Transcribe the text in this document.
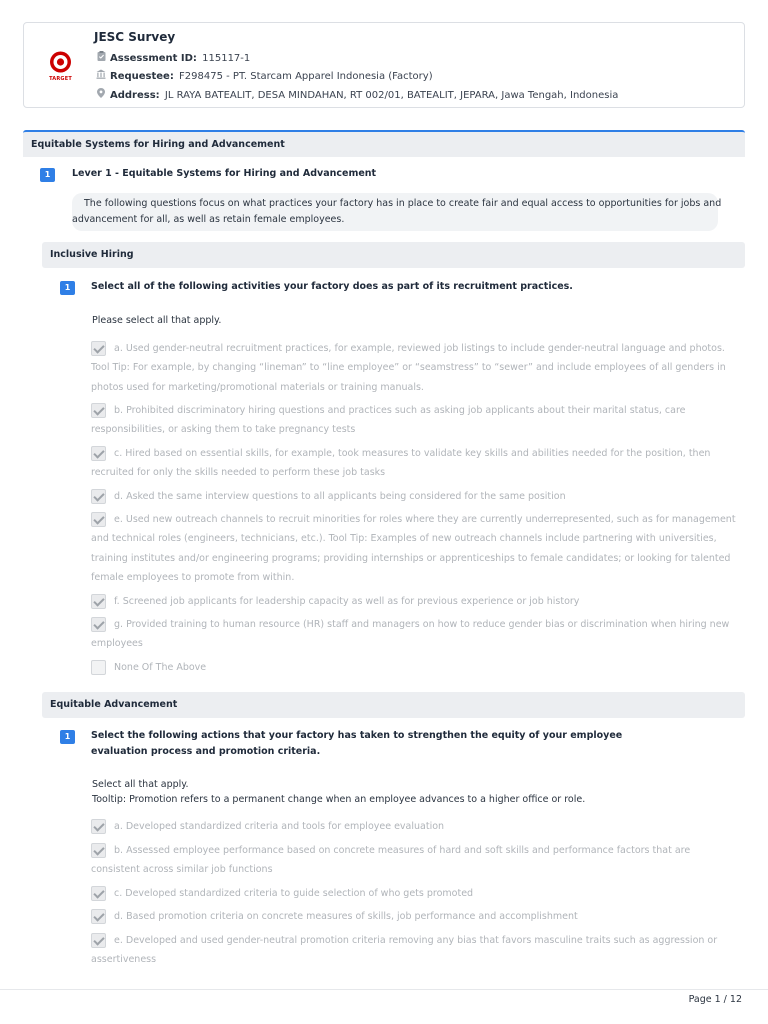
TARGET
JESC Survey
Assessment ID: 115117-1
Requestee: F298475 - PT. Starcam Apparel Indonesia (Factory)
Address: JL RAYA BATEALIT, DESA MINDAHAN, RT 002/01, BATEALIT, JEPARA, Jawa Tengah, Indonesia
Equitable Systems for Hiring and Advancement
1	Lever 1 - Equitable Systems for Hiring and Advancement
The following questions focus on what practices your factory has in place to create fair and equal access to opportunities for jobs and advancement for all, as well as retain female employees.
Inclusive Hiring
1	Select all of the following activities your factory does as part of its recruitment practices.
Please select all that apply.
a. Used gender-neutral recruitment practices, for example, reviewed job listings to include gender-neutral language and photos. Tool Tip: For example, by changing “lineman” to “line employee” or “seamstress” to “sewer” and include employees of all genders in photos used for marketing/promotional materials or training manuals.
b. Prohibited discriminatory hiring questions and practices such as asking job applicants about their marital status, care responsibilities, or asking them to take pregnancy tests
c. Hired based on essential skills, for example, took measures to validate key skills and abilities needed for the position, then recruited for only the skills needed to perform these job tasks
d. Asked the same interview questions to all applicants being considered for the same position
e. Used new outreach channels to recruit minorities for roles where they are currently underrepresented, such as for management and technical roles (engineers, technicians, etc.). Tool Tip: Examples of new outreach channels include partnering with universities, training institutes and/or engineering programs; providing internships or apprenticeships to female candidates; or looking for talented female employees to promote from within.
f. Screened job applicants for leadership capacity as well as for previous experience or job history
g. Provided training to human resource (HR) staff and managers on how to reduce gender bias or discrimination when hiring new employees
None Of The Above
Equitable Advancement
1	Select the following actions that your factory has taken to strengthen the equity of your employee evaluation process and promotion criteria.
Select all that apply.
Tooltip: Promotion refers to a permanent change when an employee advances to a higher office or role.
a. Developed standardized criteria and tools for employee evaluation
b. Assessed employee performance based on concrete measures of hard and soft skills and performance factors that are consistent across similar job functions
c. Developed standardized criteria to guide selection of who gets promoted
d. Based promotion criteria on concrete measures of skills, job performance and accomplishment
e. Developed and used gender-neutral promotion criteria removing any bias that favors masculine traits such as aggression or assertiveness
Page 1 / 12
